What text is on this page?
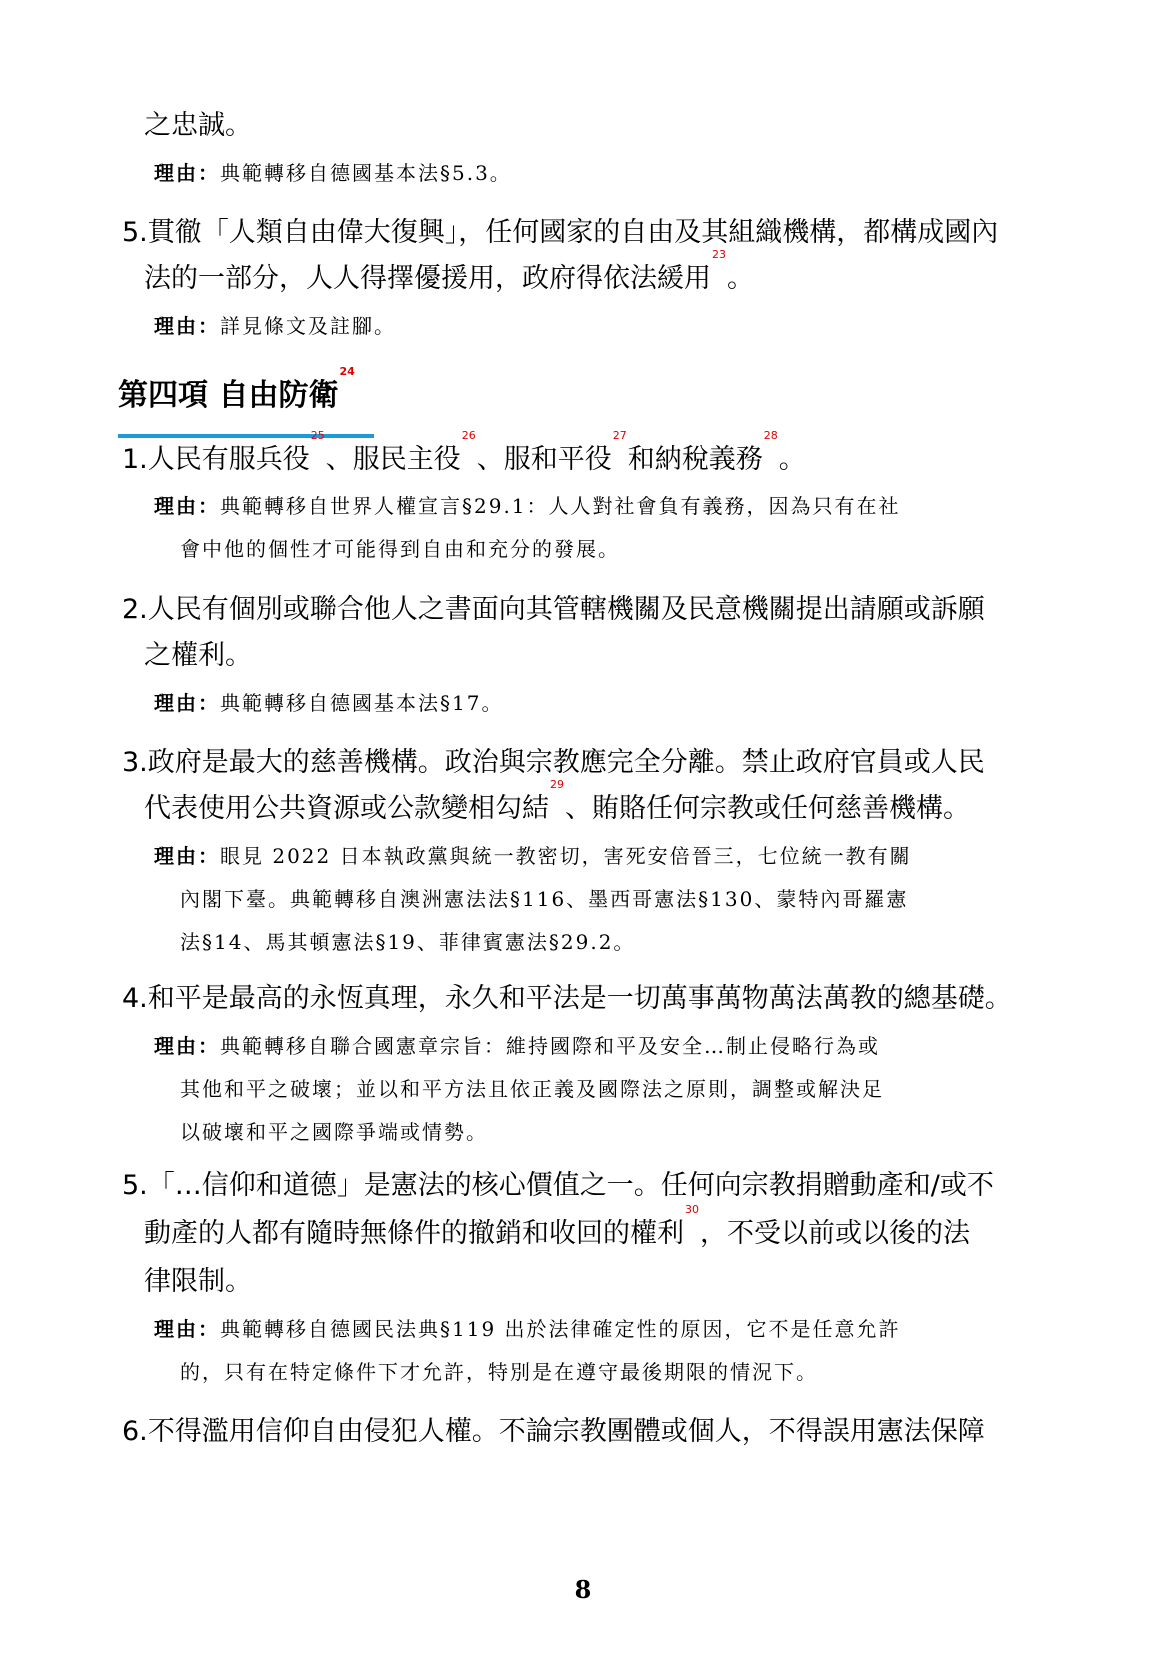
之忠誠。
理由：典範轉移自德國基本法§5.3。
5.貫徹「人類自由偉大復興」，任何國家的自由及其組織機構，都構成國內
法的一部分，人人得擇優援用，政府得依法緩用$^{23}$。
理由：詳見條文及註腳。
第四項 自由防衛$^{24}$
1.人民有服兵役$^{25}$、服民主役$^{26}$、服和平役$^{27}$和納稅義務$^{28}$。
理由：典範轉移自世界人權宣言§29.1：人人對社會負有義務，因為只有在社
會中他的個性才可能得到自由和充分的發展。
2.人民有個別或聯合他人之書面向其管轄機關及民意機關提出請願或訴願
之權利。
理由：典範轉移自德國基本法§17。
3.政府是最大的慈善機構。政治與宗教應完全分離。禁止政府官員或人民
代表使用公共資源或公款變相勾結$^{29}$、賄賂任何宗教或任何慈善機構。
理由：眼見 2022 日本執政黨與統一教密切，害死安倍晉三，七位統一教有關
內閣下臺。典範轉移自澳洲憲法法§116、墨西哥憲法§130、蒙特內哥羅憲
法§14、馬其頓憲法§19、菲律賓憲法§29.2。
4.和平是最高的永恆真理，永久和平法是一切萬事萬物萬法萬教的總基礎。
理由：典範轉移自聯合國憲章宗旨：維持國際和平及安全…制止侵略行為或
其他和平之破壞；並以和平方法且依正義及國際法之原則，調整或解決足
以破壞和平之國際爭端或情勢。
5.「…信仰和道德」是憲法的核心價值之一。任何向宗教捐贈動產和/或不
動產的人都有隨時無條件的撤銷和收回的權利$^{30}$，不受以前或以後的法
律限制。
理由：典範轉移自德國民法典§119 出於法律確定性的原因，它不是任意允許
的，只有在特定條件下才允許，特別是在遵守最後期限的情況下。
6.不得濫用信仰自由侵犯人權。不論宗教團體或個人，不得誤用憲法保障
8
